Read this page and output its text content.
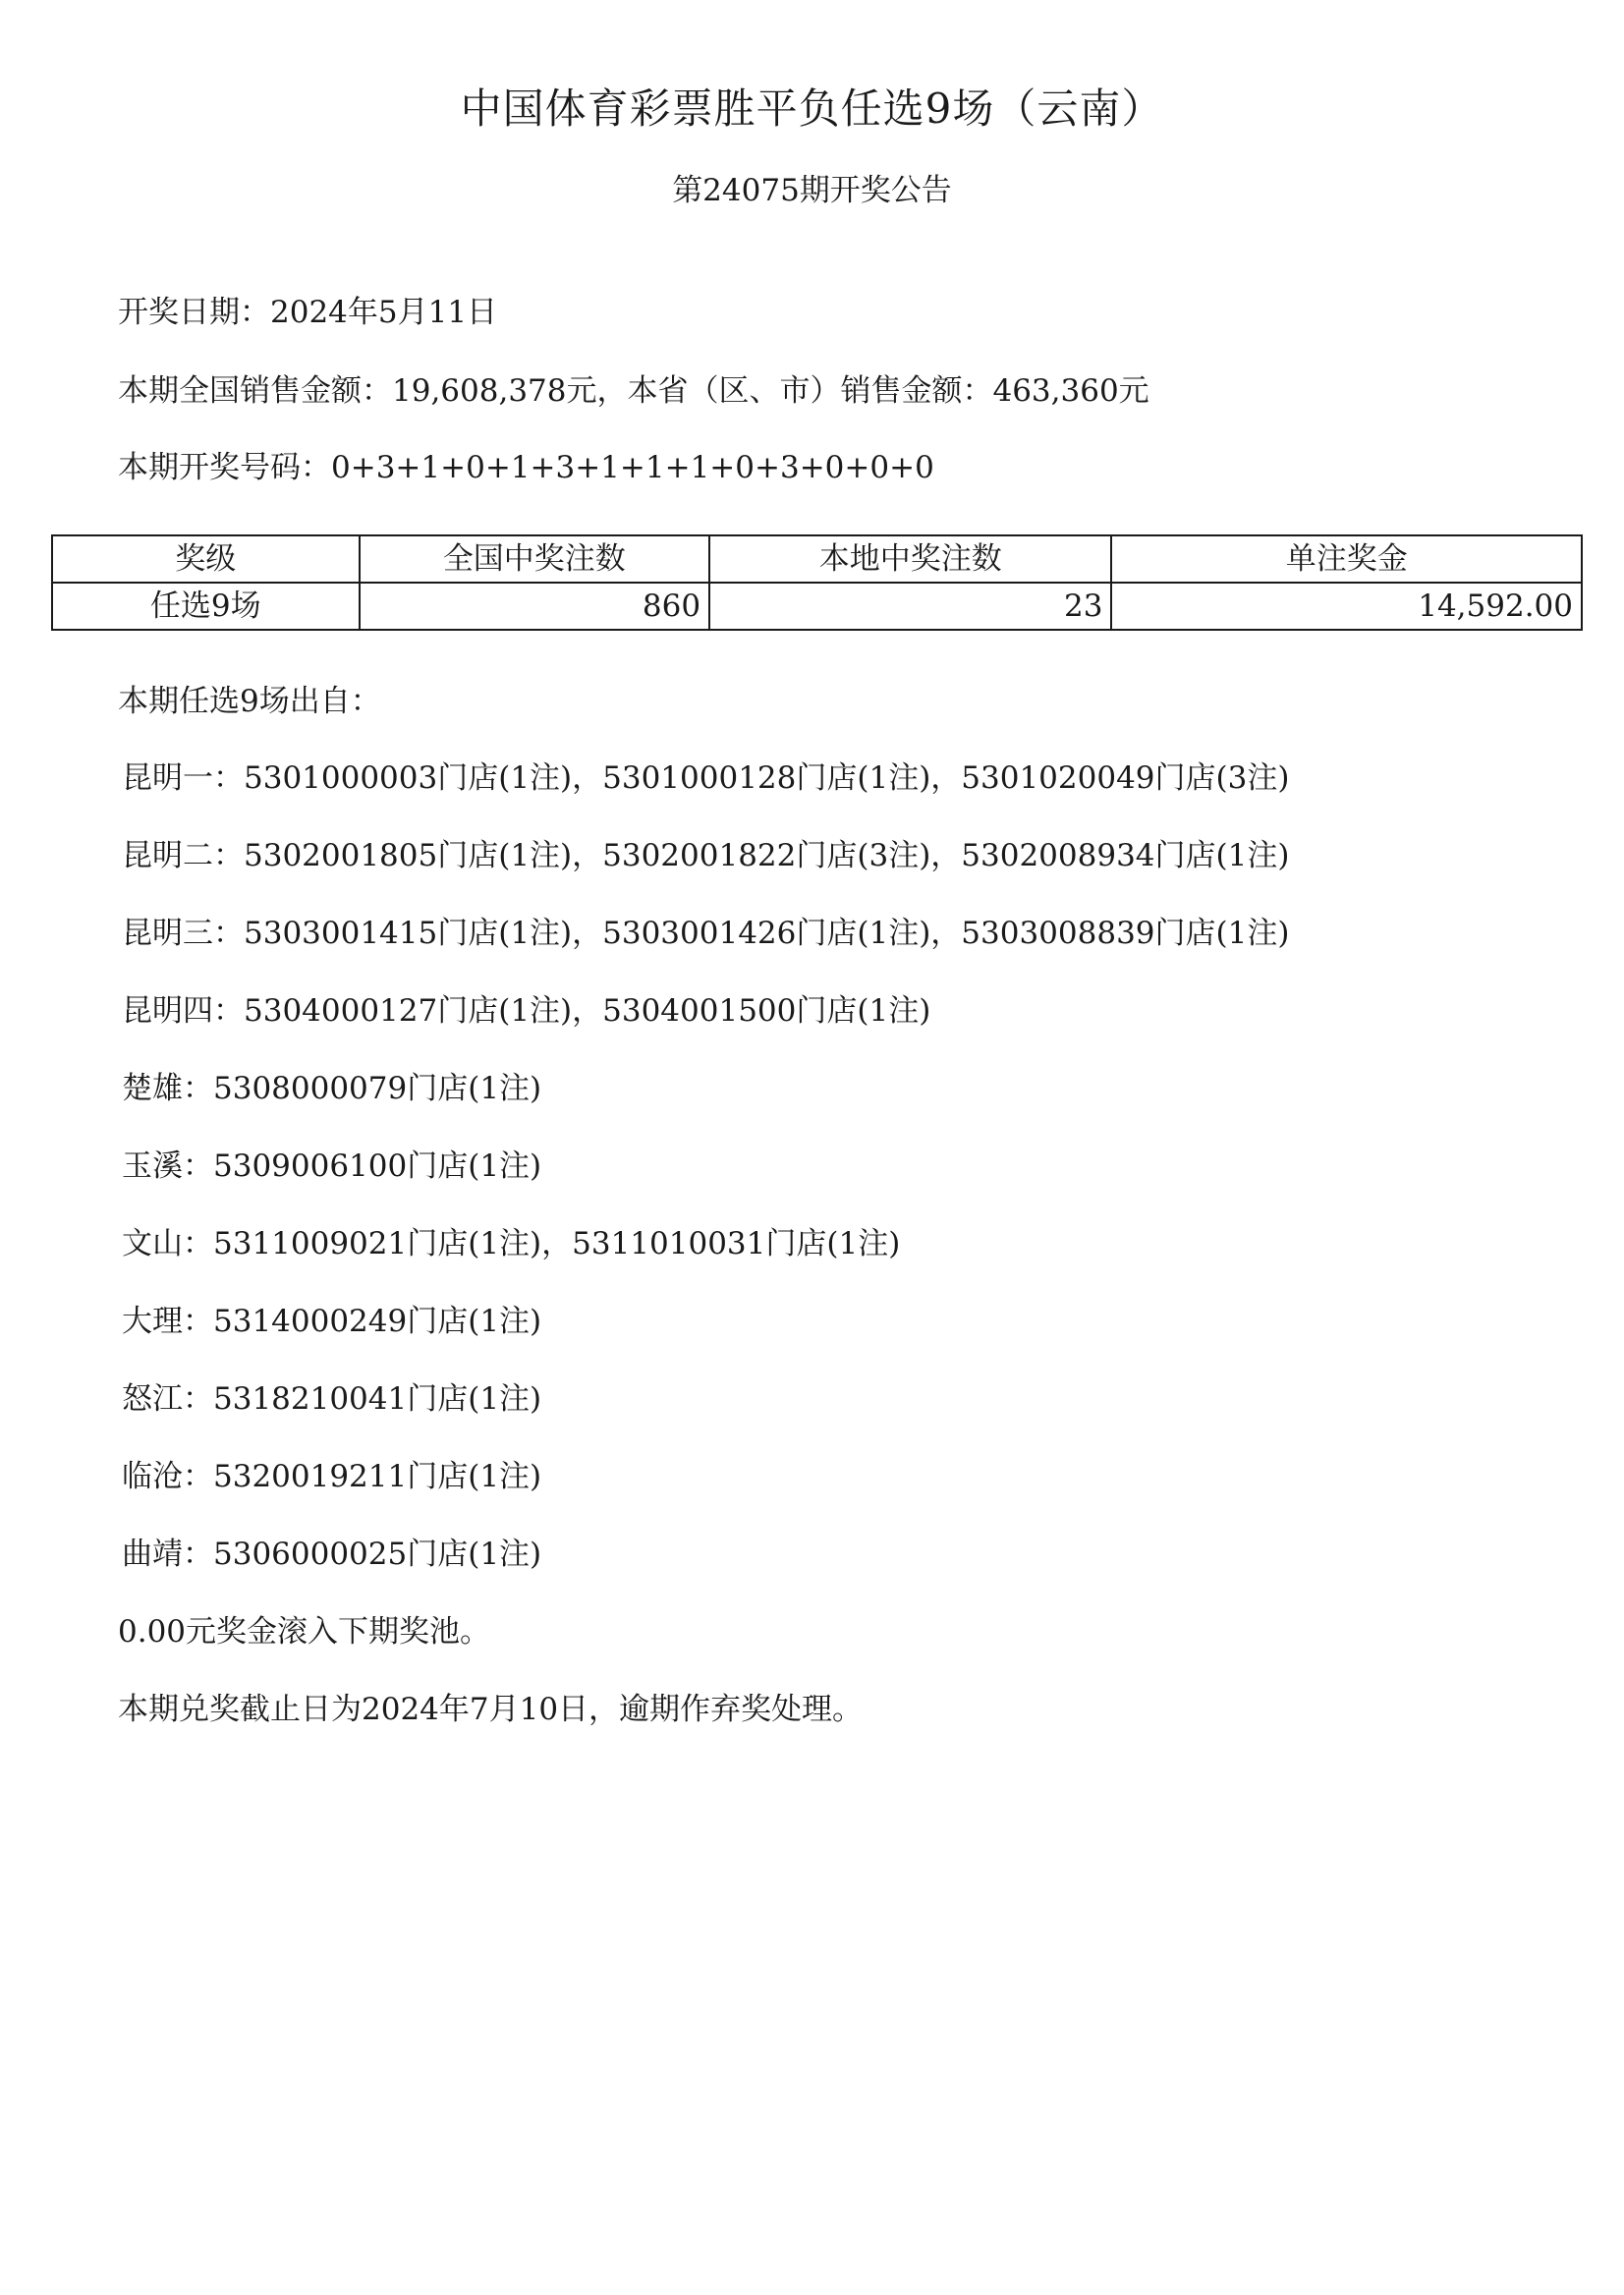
中国体育彩票胜平负任选9场（云南）
第24075期开奖公告
开奖日期：2024年5月11日
本期全国销售金额：19,608,378元，本省（区、市）销售金额：463,360元
本期开奖号码：0+3+1+0+1+3+1+1+1+0+3+0+0+0
奖级	全国中奖注数	本地中奖注数	单注奖金
任选9场	860	23	14,592.00
本期任选9场出自：
昆明一：5301000003门店(1注)，5301000128门店(1注)，5301020049门店(3注)
昆明二：5302001805门店(1注)，5302001822门店(3注)，5302008934门店(1注)
昆明三：5303001415门店(1注)，5303001426门店(1注)，5303008839门店(1注)
昆明四：5304000127门店(1注)，5304001500门店(1注)
楚雄：5308000079门店(1注)
玉溪：5309006100门店(1注)
文山：5311009021门店(1注)，5311010031门店(1注)
大理：5314000249门店(1注)
怒江：5318210041门店(1注)
临沧：5320019211门店(1注)
曲靖：5306000025门店(1注)
0.00元奖金滚入下期奖池。
本期兑奖截止日为2024年7月10日，逾期作弃奖处理。
